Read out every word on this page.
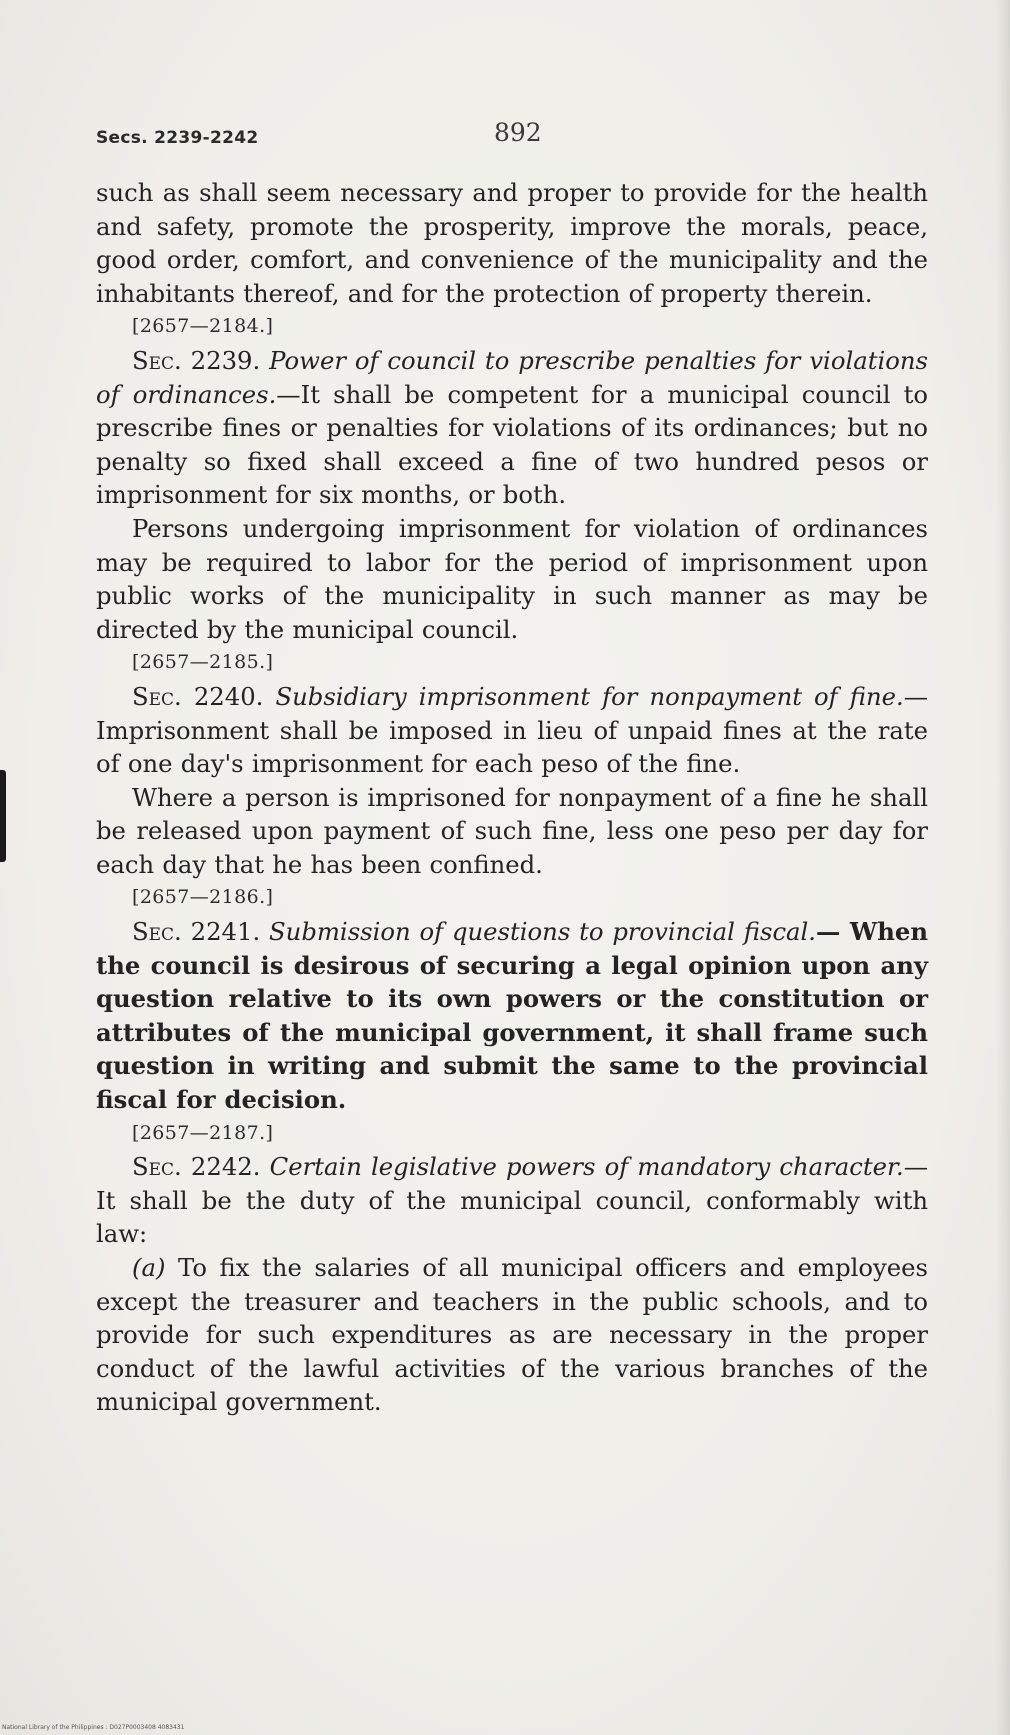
Secs. 2239-2242	892

such as shall seem necessary and proper to provide for the health and safety, promote the prosperity, improve the morals, peace, good order, comfort, and convenience of the municipality and the inhabitants thereof, and for the protection of property therein.

[2657—2184.]

Sec. 2239. Power of council to prescribe penalties for violations of ordinances.—It shall be competent for a municipal council to prescribe fines or penalties for violations of its ordinances; but no penalty so fixed shall exceed a fine of two hundred pesos or imprisonment for six months, or both.

Persons undergoing imprisonment for violation of ordinances may be required to labor for the period of imprisonment upon public works of the municipality in such manner as may be directed by the municipal council.

[2657—2185.]

Sec. 2240. Subsidiary imprisonment for nonpayment of fine.—Imprisonment shall be imposed in lieu of unpaid fines at the rate of one day's imprisonment for each peso of the fine.

Where a person is imprisoned for nonpayment of a fine he shall be released upon payment of such fine, less one peso per day for each day that he has been confined.

[2657—2186.]

Sec. 2241. Submission of questions to provincial fiscal.— When the council is desirous of securing a legal opinion upon any question relative to its own powers or the constitution or attributes of the municipal government, it shall frame such question in writing and submit the same to the provincial fiscal for decision.

[2657—2187.]

Sec. 2242. Certain legislative powers of mandatory character.—It shall be the duty of the municipal council, conformably with law:

(a) To fix the salaries of all municipal officers and employees except the treasurer and teachers in the public schools, and to provide for such expenditures as are necessary in the proper conduct of the lawful activities of the various branches of the municipal government.

National Library of the Philippines : D027P0003408 4083431
